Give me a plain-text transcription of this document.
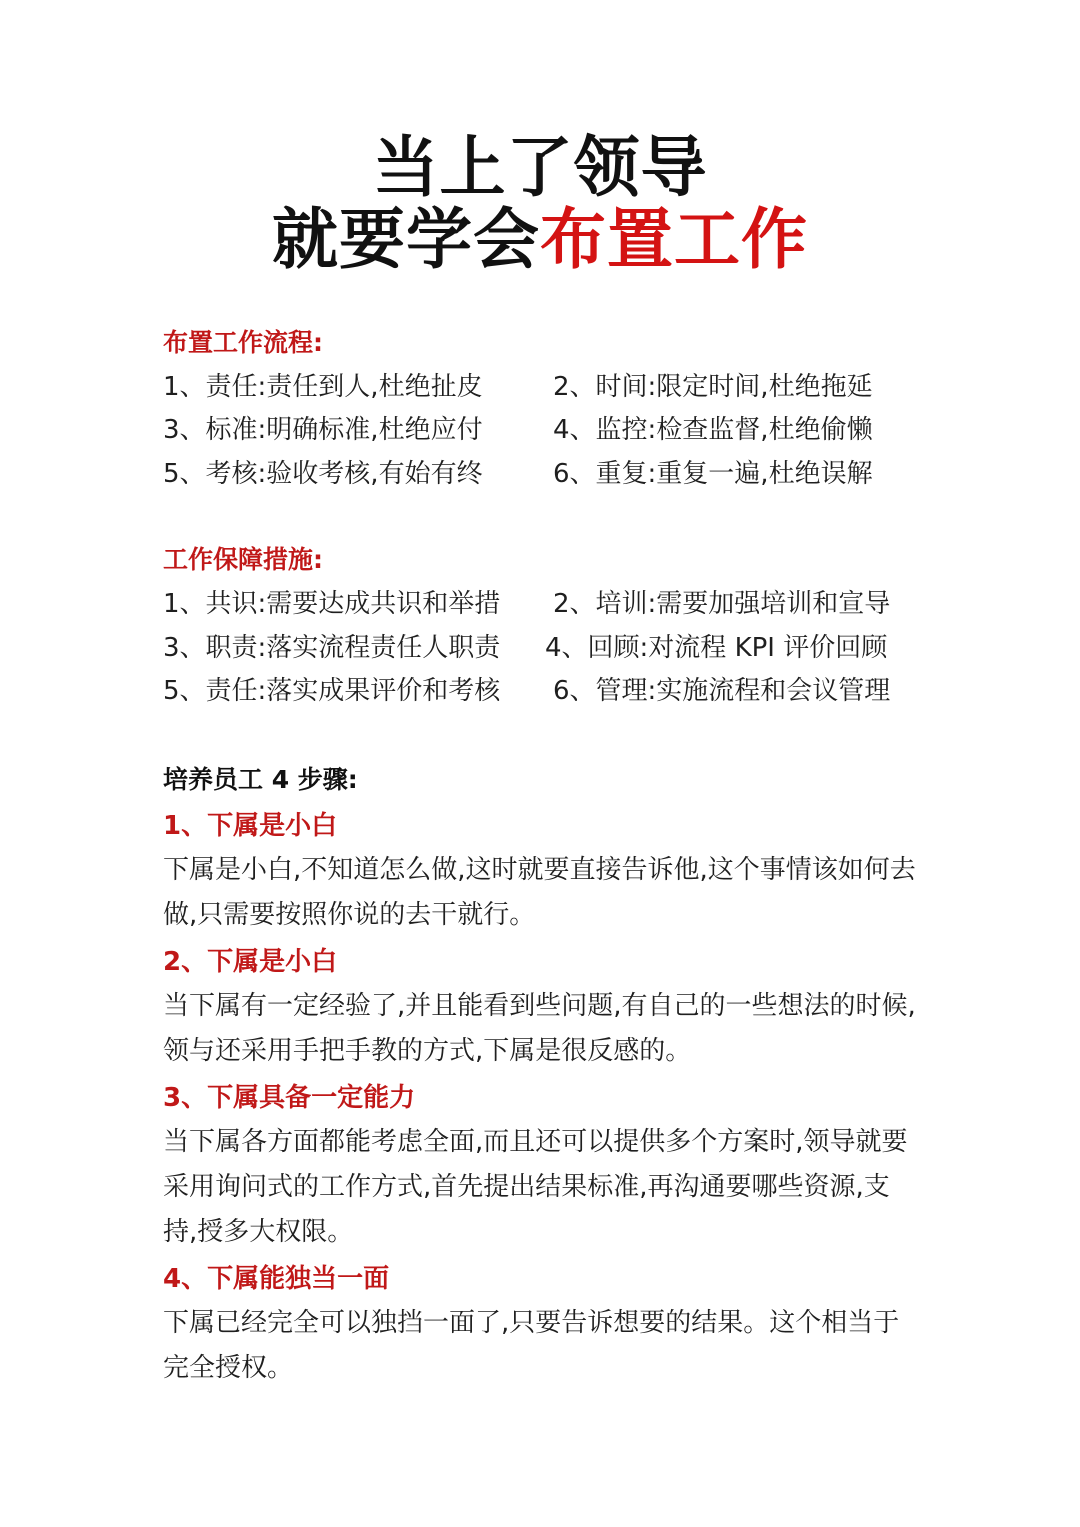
当上了领导
就要学会布置工作
布置工作流程:
1、责任:责任到人,杜绝扯皮	2、时间:限定时间,杜绝拖延
3、标准:明确标准,杜绝应付	4、监控:检查监督,杜绝偷懒
5、考核:验收考核,有始有终	6、重复:重复一遍,杜绝误解
工作保障措施:
1、共识:需要达成共识和举措 2、培训:需要加强培训和宣导
3、职责:落实流程责任人职责 4、回顾:对流程 KPI 评价回顾
5、责任:落实成果评价和考核 6、管理:实施流程和会议管理
培养员工 4 步骤:
1、下属是小白
下属是小白,不知道怎么做,这时就要直接告诉他,这个事情该如何去做,只需要按照你说的去干就行。
2、下属是小白
当下属有一定经验了,并且能看到些问题,有自己的一些想法的时候,领与还采用手把手教的方式,下属是很反感的。
3、下属具备一定能力
当下属各方面都能考虑全面,而且还可以提供多个方案时,领导就要采用询问式的工作方式,首先提出结果标准,再沟通要哪些资源,支持,授多大权限。
4、下属能独当一面
下属已经完全可以独挡一面了,只要告诉想要的结果。这个相当于完全授权。
